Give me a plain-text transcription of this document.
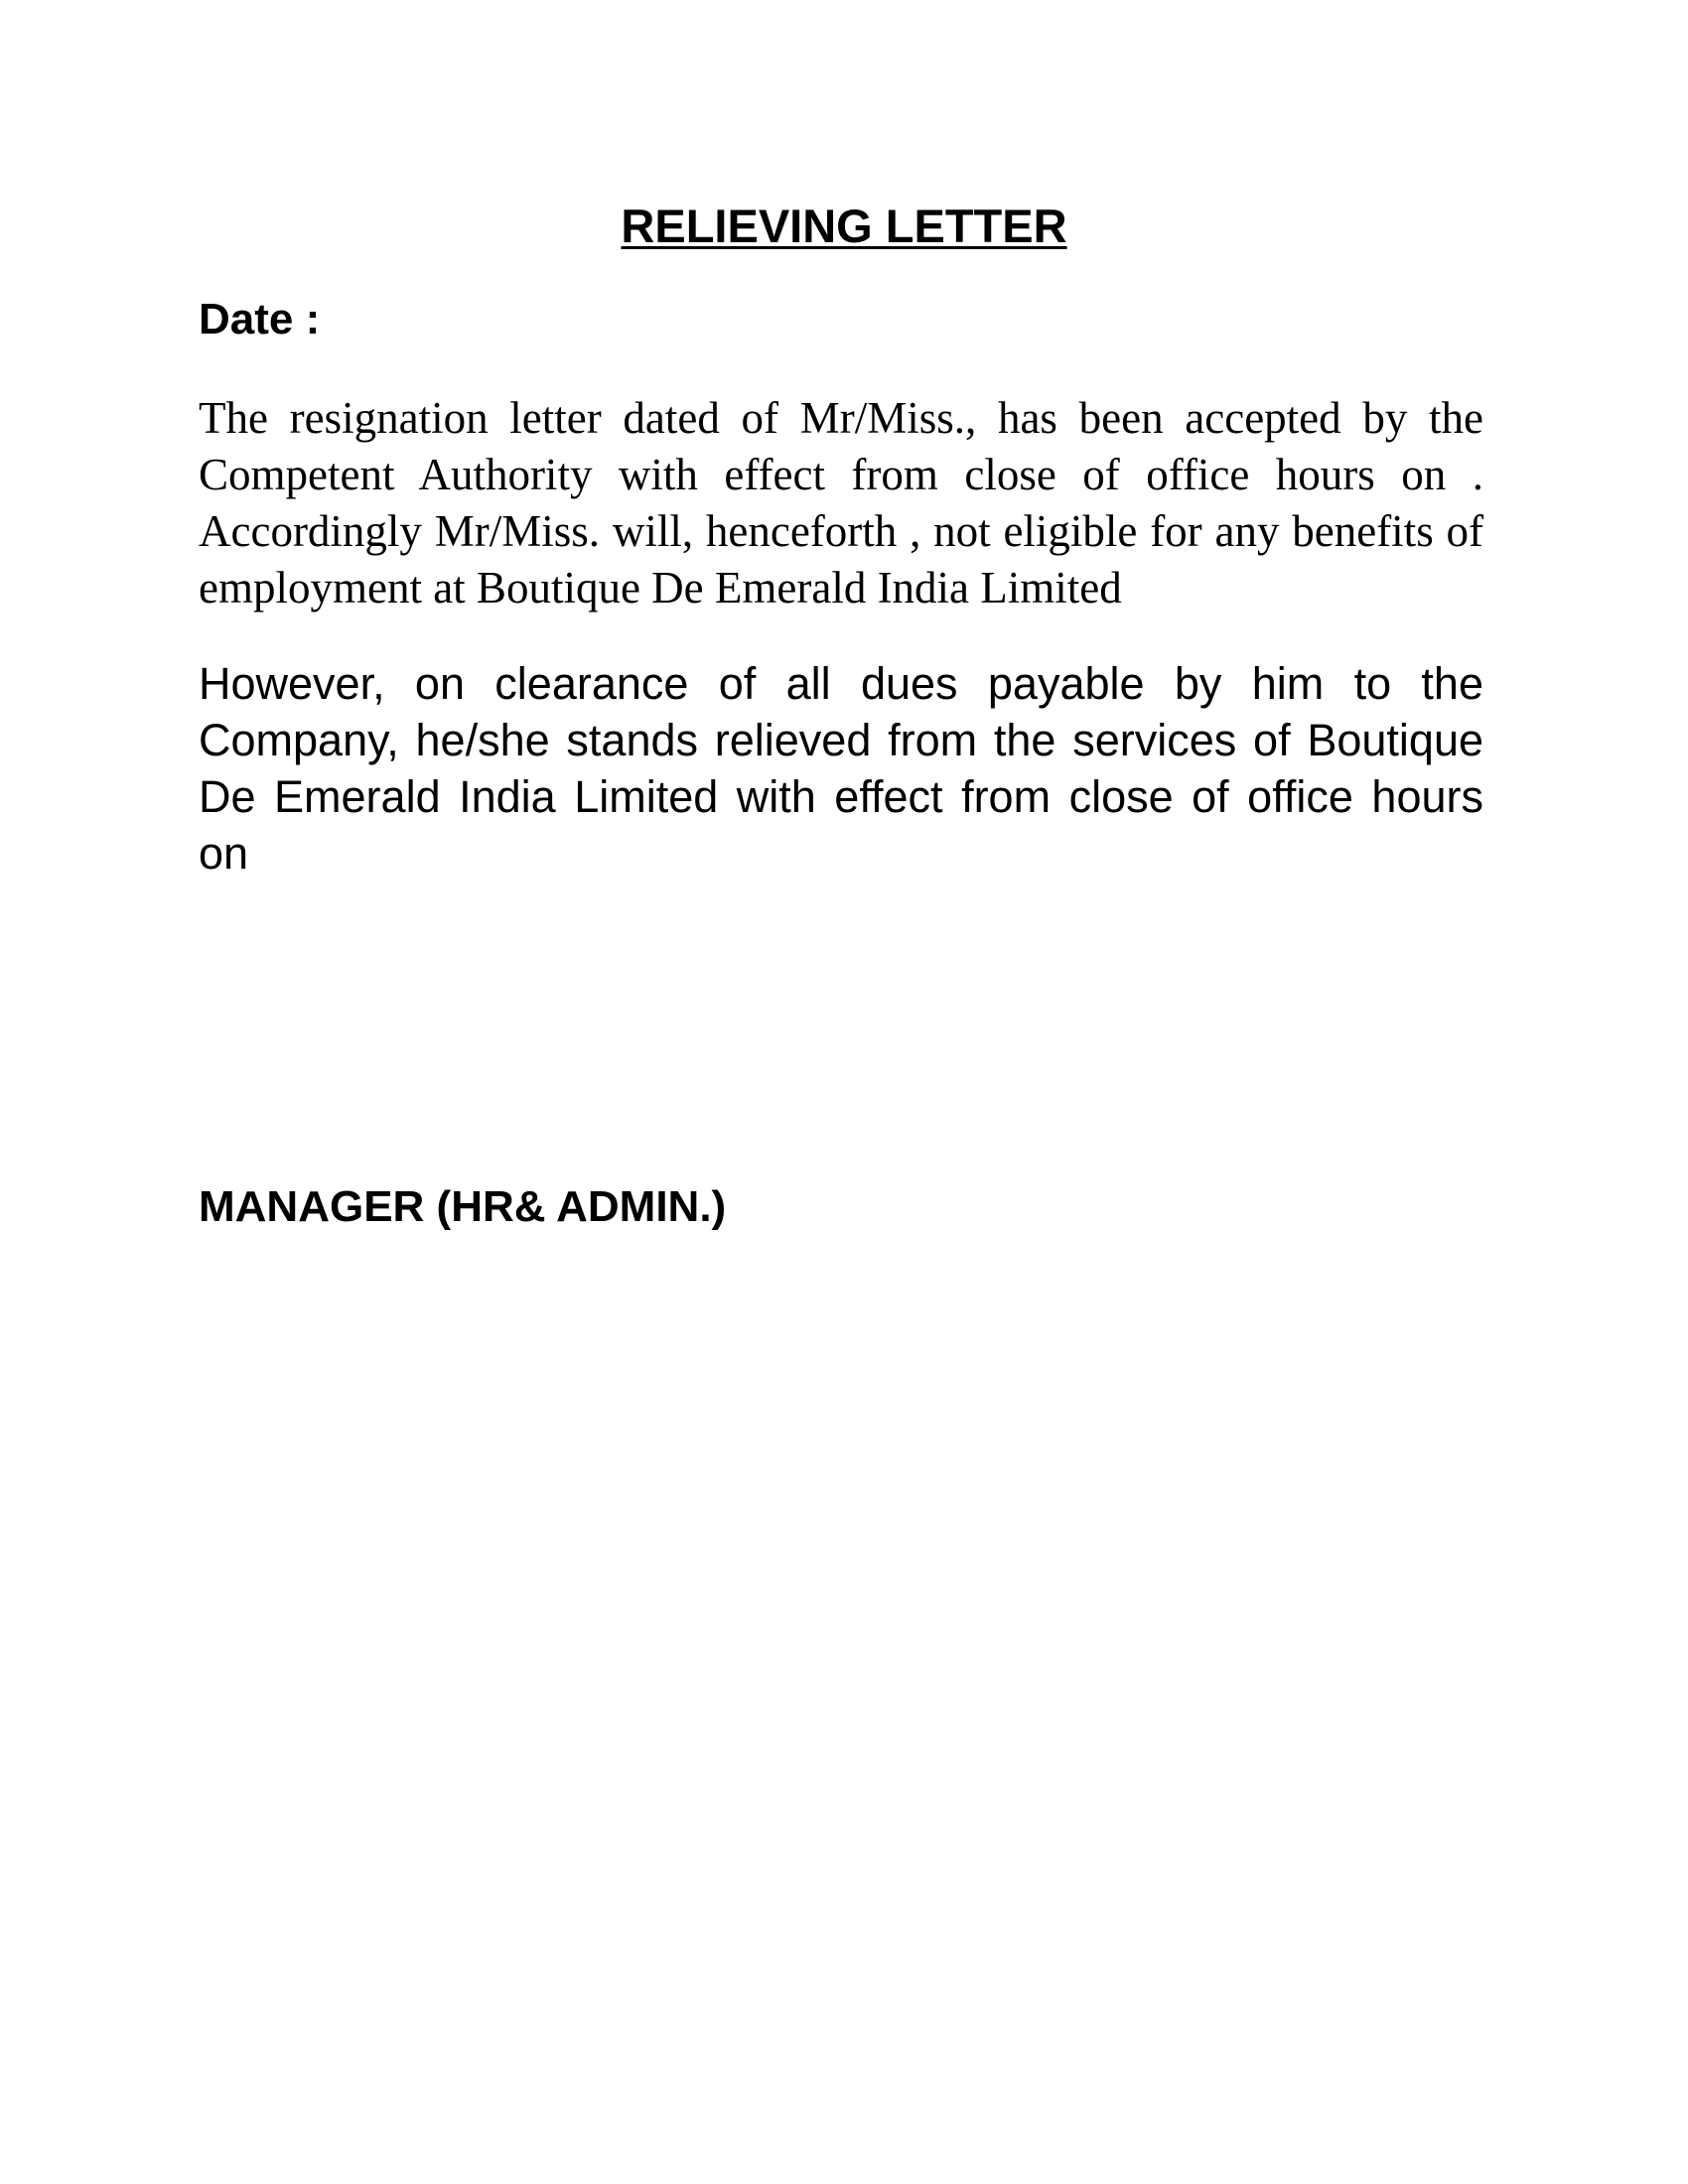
RELIEVING LETTER
Date :
The resignation letter dated of Mr/Miss., has been accepted by the Competent Authority with effect from close of office hours on . Accordingly Mr/Miss. will, henceforth , not eligible for any benefits of employment at Boutique De Emerald India Limited
However, on clearance of all dues payable by him to the Company, he/she stands relieved from the services of Boutique De Emerald India Limited with effect from close of office hours on
MANAGER (HR& ADMIN.)
